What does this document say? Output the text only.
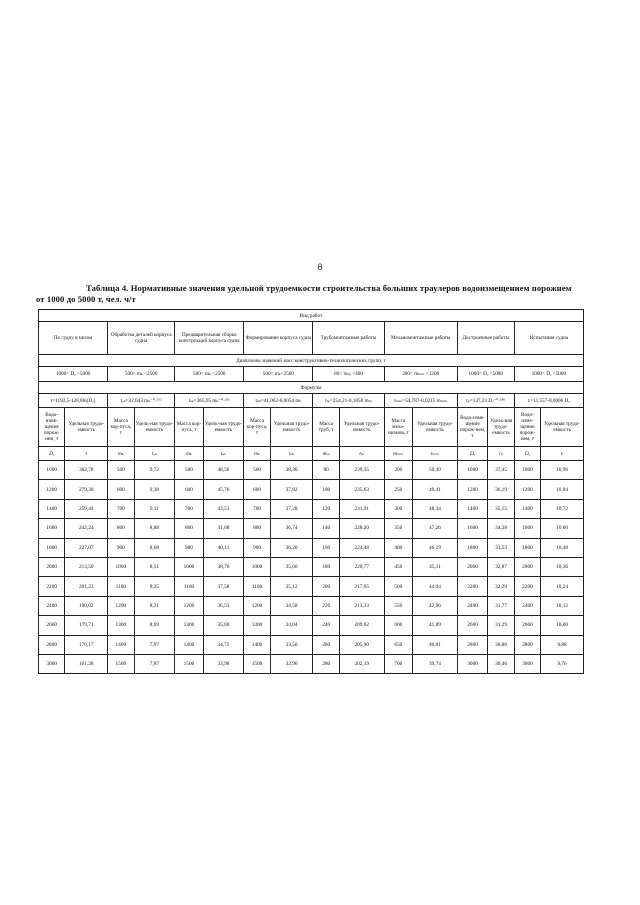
8
Таблица 4. Нормативные значения удельной трудоемкости строительства больших траулеров водоизмещением порожнем
от 1000 до 5000 т, чел. ч/т
Вид работ															
По судну в целом		Обработка деталей корпуса судна		Предварительная сборка конструкций корпуса судна		Формирование корпуса судна		Трубомонтажные работы		Механомонтажные работы		Достроечные работы		Испытания судна	
Диапазоны значений масс конструктивно-технологических групп, т															
1000< Dₒ <5000		500< mₖ <2500		500< mₖ <2500		500< mₖ<2500		80< mₜₚ <400		200< mₘₘ <1200		1000< Dₒ <5000		1000< Dₒ <5000	
Формулы															
t=1192,5-128,8ln(Dₒ)		tₒₖ=32,043 mₖ⁻⁰·¹⁵²		tₛₖ=365,95 mₖ⁻⁰·³²⁶		tₚₖ=41,062-0,0054 mₖ		tₜₚ=254,21-0,1858 mₜₚ		tₘₘ=54,787-0,0215 mₘₘ		tₚ=137,23 Dₒ⁻⁰·¹⁸⁶		tᵢ=11,557-0,0006 Dₒ	
Водо-изме-щение порож-нем, т	Удельная трудо-емкость	Масса кор-пуса, т	Удель-ная трудо-емкость	Масса кор-пуса, т	Удель-ная трудо-емкость	Масса кор-пуса, т	Удельная трудо-емкость	Масса труб, т	Удельная трудо-емкость	Масса меха-низмов, т	Удельная трудо-емкость	Водо-изме-щение порож-нем, т	Удель-ная трудо-емкость	Водо-изме-щение порож-нем, т	Удельная трудо-емкость
Dₒ	t	mₖ	tₒₖ	mₖ	tₛₖ	mₖ	tₚₖ	mₜₚ	tₜₚ	mₘₘ	tₘₘ	Dₒ	tₚ	Dₒ	tᵢ
1000	302,78	500	9,72	500	48,56	500	38,36	80	239,35	200	50,49	1000	37,45	1000	10,96
1200	279,30	600	9,38	600	45,76	600	37,82	100	235,63	250	49,41	1200	36,19	1200	10,84
1400	259,44	700	9,11	700	43,53	700	37,28	120	231,91	300	48,34	1400	35,15	1400	10,72
1600	242,24	800	8,88	800	41,68	800	36,74	140	228,20	350	47,26	1600	34,28	1600	10,60
1800	227,07	900	8,68	900	40,11	900	36,20	160	224,48	400	46,19	1800	33,53	1800	10,48
2000	213,50	1000	8,51	1000	38,76	1000	35,66	180	220,77	450	45,11	2000	32,87	2000	10,36
2200	201,23	1100	8,35	1100	37,58	1100	35,12	200	217,05	500	44,04	2200	32,29	2200	10,24
2400	190,02	1200	8,21	1200	36,53	1200	34,58	220	213,33	550	42,96	2400	31,77	2400	10,12
2600	179,71	1300	8,09	1300	35,60	1300	34,04	240	209,62	600	41,89	2600	31,29	2600	10,00
2800	170,17	1400	7,97	1400	34,75	1400	33,50	260	205,90	650	40,81	2800	30,86	2800	9,88
3000	161,28	1500	7,87	1500	33,98	1500	32,96	280	202,19	700	39,74	3000	30,46	3000	9,76
